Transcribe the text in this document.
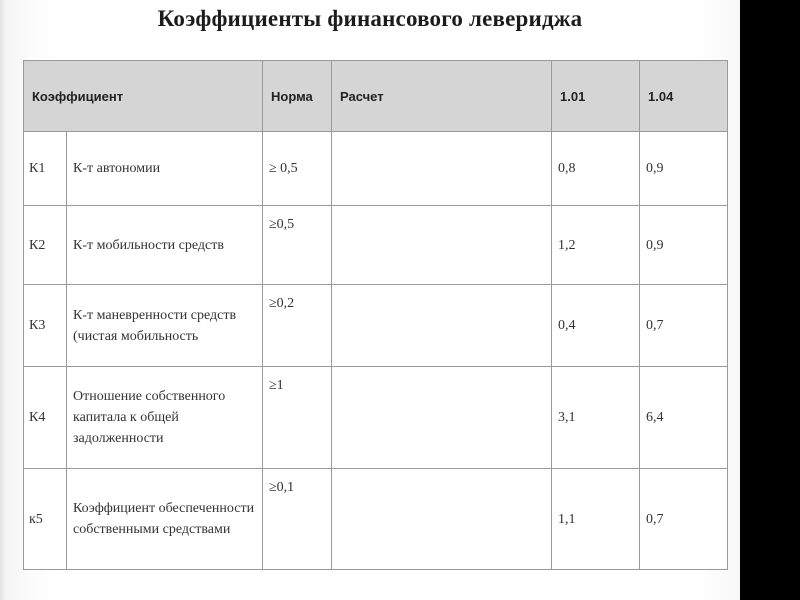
Коэффициенты финансового левериджа
Коэффициент		Норма	Расчет	1.01	1.04
К1	К-т автономии	≥ 0,5		0,8	0,9
К2	К-т мобильности средств	≥0,5		1,2	0,9
К3	К-т маневренности средств (чистая мобильность	≥0,2		0,4	0,7
К4	Отношение собственного капитала к общей задолженности	≥1		3,1	6,4
к5	Коэффициент обеспеченности собственными средствами	≥0,1		1,1	0,7
